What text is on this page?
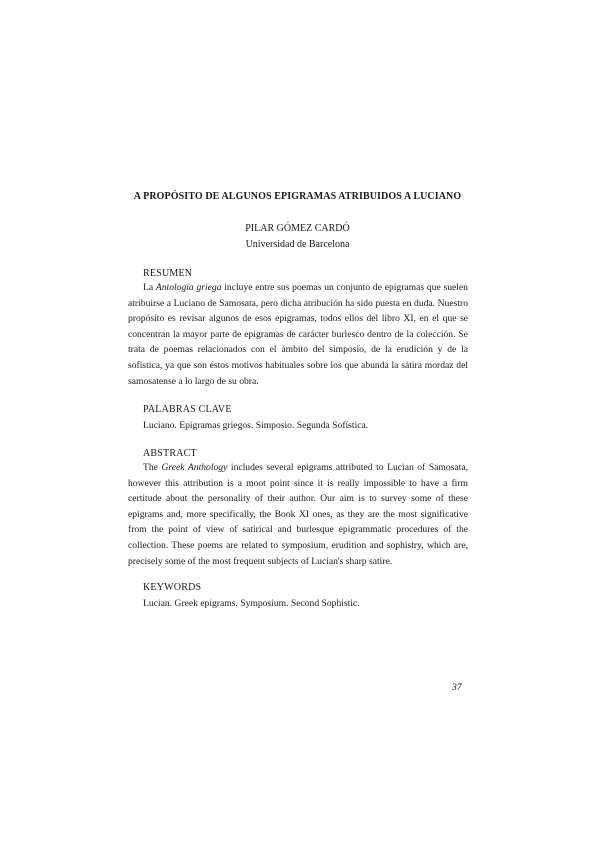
A PROPÓSITO DE ALGUNOS EPIGRAMAS ATRIBUIDOS A LUCIANO
PILAR GÓMEZ CARDÓ
Universidad de Barcelona
RESUMEN

La Antología griega incluye entre sus poemas un conjunto de epigramas que suelen atribuirse a Luciano de Samosata, pero dicha atribución ha sido puesta en duda. Nuestro propósito es revisar algunos de esos epigramas, todos ellos del libro XI, en el que se concentran la mayor parte de epigramas de carácter burlesco dentro de la colección. Se trata de poemas relacionados con el ámbito del simposio, de la erudición y de la sofística, ya que son éstos motivos habituales sobre los que abunda la sátira mordaz del samosatense a lo largo de su obra.

PALABRAS CLAVE
Luciano. Epigramas griegos. Simposio. Segunda Sofística.
ABSTRACT

The Greek Anthology includes several epigrams attributed to Lucian of Samosata, however this attribution is a moot point since it is really impossible to have a firm certitude about the personality of their author. Our aim is to survey some of these epigrams and, more specifically, the Book XI ones, as they are the most significative from the point of view of satirical and burlesque epigrammatic procedures of the collection. These poems are related to symposium, erudition and sophistry, which are, precisely some of the most frequent subjects of Lucian's sharp satire.

KEYWORDS
Lucian. Greek epigrams. Symposium. Second Sophistic.
37
